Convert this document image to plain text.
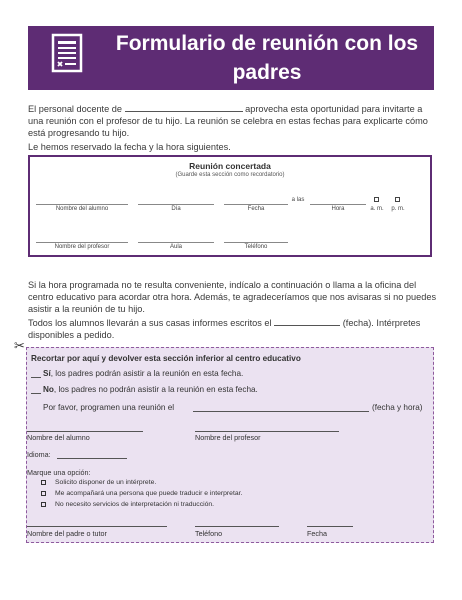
Formulario de reunión con los padres
El personal docente de	aprovecha esta oportunidad para invitarte a una reunión con el profesor de tu hijo. La reunión se celebra en estas fechas para explicarte cómo está progresando tu hijo.
Le hemos reservado la fecha y la hora siguientes.
Reunión concertada
(Guarde esta sección como recordatorio)
a las
Nombre del alumno	Día	Fecha	Hora	a. m.	p. m.
Nombre del profesor	Aula	Teléfono
Si la hora programada no te resulta conveniente, indícalo a continuación o llama a la oficina del centro educativo para acordar otra hora. Además, te agradeceríamos que nos avisaras si no puedes asistir a la reunión de tu hijo.
Todos los alumnos llevarán a sus casas informes escritos el	(fecha). Intérpretes disponibles a pedido.
✂
Recortar por aquí y devolver esta sección inferior al centro educativo
Sí, los padres podrán asistir a la reunión en esta fecha.
No, los padres no podrán asistir a la reunión en esta fecha.
Por favor, programen una reunión el	(fecha y hora)
Nombre del alumno	Nombre del profesor
Idioma:
Marque una opción:
Solicito disponer de un intérprete.
Me acompañará una persona que puede traducir e interpretar.
No necesito servicios de interpretación ni traducción.
Nombre del padre o tutor	Teléfono	Fecha
